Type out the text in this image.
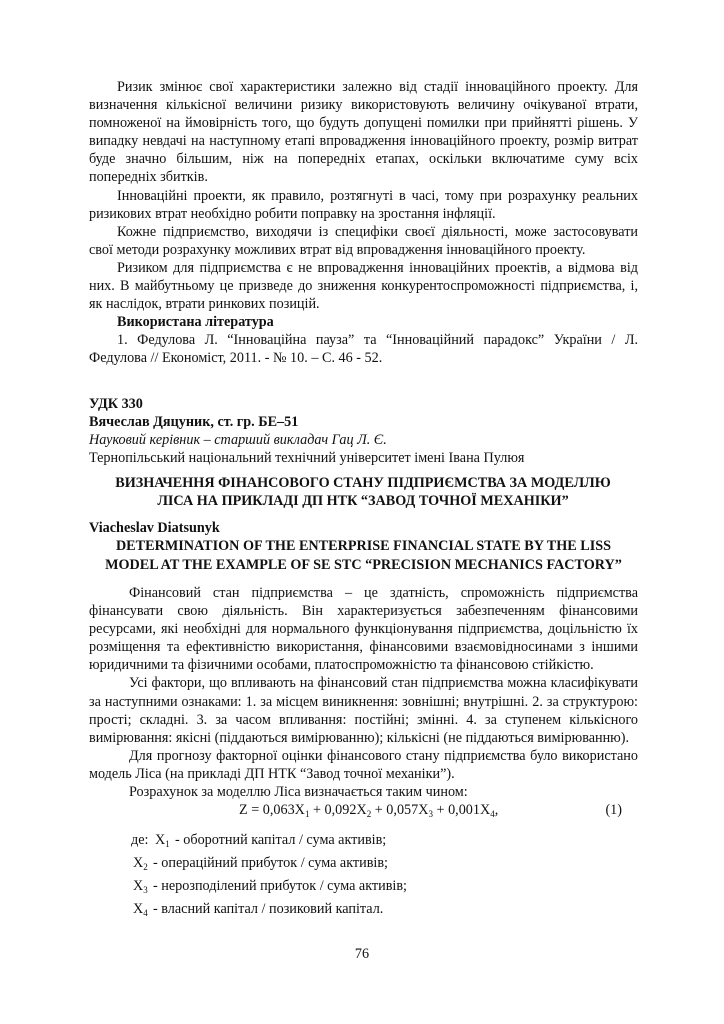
Ризик змінює свої характеристики залежно від стадії інноваційного проекту. Для визначення кількісної величини ризику використовують величину очікуваної втрати, помноженої на ймовірність того, що будуть допущені помилки при прийнятті рішень. У випадку невдачі на наступному етапі впровадження інноваційного проекту, розмір витрат буде значно більшим, ніж на попередніх етапах, оскільки включатиме суму всіх попередніх збитків.

Інноваційні проекти, як правило, розтягнуті в часі, тому при розрахунку реальних ризикових втрат необхідно робити поправку на зростання інфляції.

Кожне підприємство, виходячи із специфіки своєї діяльності, може застосовувати свої методи розрахунку можливих втрат від впровадження інноваційного проекту.

Ризиком для підприємства є не впровадження інноваційних проектів, а відмова від них. В майбутньому це призведе до зниження конкурентоспроможності підприємства, і, як наслідок, втрати ринкових позицій.

Використана література

1. Федулова Л. “Інноваційна пауза” та “Інноваційний парадокс” України / Л. Федулова // Економіст, 2011. - № 10. – С. 46 - 52.

УДК 330

Вячеслав Дяцуник, ст. гр. БЕ–51

Науковий керівник – старший викладач Гац Л. Є.

Тернопільський національний технічний університет імені Івана Пулюя

ВИЗНАЧЕННЯ ФІНАНСОВОГО СТАНУ ПІДПРИЄМСТВА ЗА МОДЕЛЛЮ ЛІСА НА ПРИКЛАДІ ДП НТК “ЗАВОД ТОЧНОЇ МЕХАНІКИ”

Viacheslav Diatsunyk

DETERMINATION OF THE ENTERPRISE FINANCIAL STATE BY THE LISS MODEL AT THE EXAMPLE OF SE STC “PRECISION MECHANICS FACTORY”

Фінансовий стан підприємства – це здатність, спроможність підприємства фінансувати свою діяльність. Він характеризується забезпеченням фінансовими ресурсами, які необхідні для нормального функціонування підприємства, доцільністю їх розміщення та ефективністю використання, фінансовими взаємовідносинами з іншими юридичними та фізичними особами, платоспроможністю та фінансовою стійкістю.

Усі фактори, що впливають на фінансовий стан підприємства можна класифікувати за наступними ознаками: 1. за місцем виникнення: зовнішні; внутрішні. 2. за структурою: прості; складні. 3. за часом впливання: постійні; змінні. 4. за ступенем кількісного вимірювання: якісні (піддаються вимірюванню); кількісні (не піддаються вимірюванню).

Для прогнозу факторної оцінки фінансового стану підприємства було використано модель Ліса (на прикладі ДП НТК “Завод точної механіки”).

Розрахунок за моделлю Ліса визначається таким чином:

$Z = 0,063X_1 + 0,092X_2 + 0,057X_3 + 0,001X_4$,	(1)
де: $X_1$ - оборотний капітал / сума активів;
$X_2$ - операційний прибуток / сума активів;
$X_3$ - нерозподілений прибуток / сума активів;
$X_4$ - власний капітал / позиковий капітал.
76
